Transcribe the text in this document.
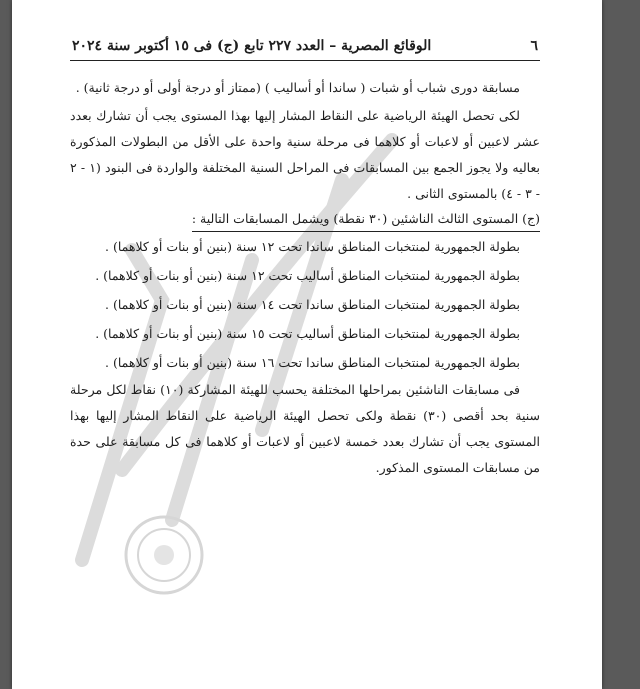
٦
الوقائع المصرية – العدد ٢٢٧ تابع (ج) فى ١٥ أكتوبر سنة ٢٠٢٤

مسابقة دورى شباب أو شبات ( ساندا أو أساليب ) (ممتاز أو درجة أولى أو درجة ثانية) .

لكى تحصل الهيئة الرياضية على النقاط المشار إليها بهذا المستوى يجب أن تشارك بعدد عشر لاعبين أو لاعبات أو كلاهما فى مرحلة سنية واحدة على الأقل من البطولات المذكورة بعاليه ولا يجوز الجمع بين المسابقات فى المراحل السنية المختلفة والواردة فى البنود (١ - ٢ - ٣ - ٤) بالمستوى الثانى .

(ج) المستوى الثالث الناشئين (٣٠ نقطة) ويشمل المسابقات التالية :

بطولة الجمهورية لمنتخبات المناطق ساندا تحت ١٢ سنة (بنين أو بنات أو كلاهما) .

بطولة الجمهورية لمنتخبات المناطق أساليب تحت ١٢ سنة (بنين أو بنات أو كلاهما) .

بطولة الجمهورية لمنتخبات المناطق ساندا تحت ١٤ سنة (بنين أو بنات أو كلاهما) .

بطولة الجمهورية لمنتخبات المناطق أساليب تحت ١٥ سنة (بنين أو بنات أو كلاهما) .

بطولة الجمهورية لمنتخبات المناطق ساندا تحت ١٦ سنة (بنين أو بنات أو كلاهما) .

فى مسابقات الناشئين بمراحلها المختلفة يحسب للهيئة المشاركة (١٠) نقاط لكل مرحلة سنية بحد أقصى (٣٠) نقطة ولكى تحصل الهيئة الرياضية على النقاط المشار إليها بهذا المستوى يجب أن تشارك بعدد خمسة لاعبين أو لاعبات أو كلاهما فى كل مسابقة على حدة من مسابقات المستوى المذكور.
